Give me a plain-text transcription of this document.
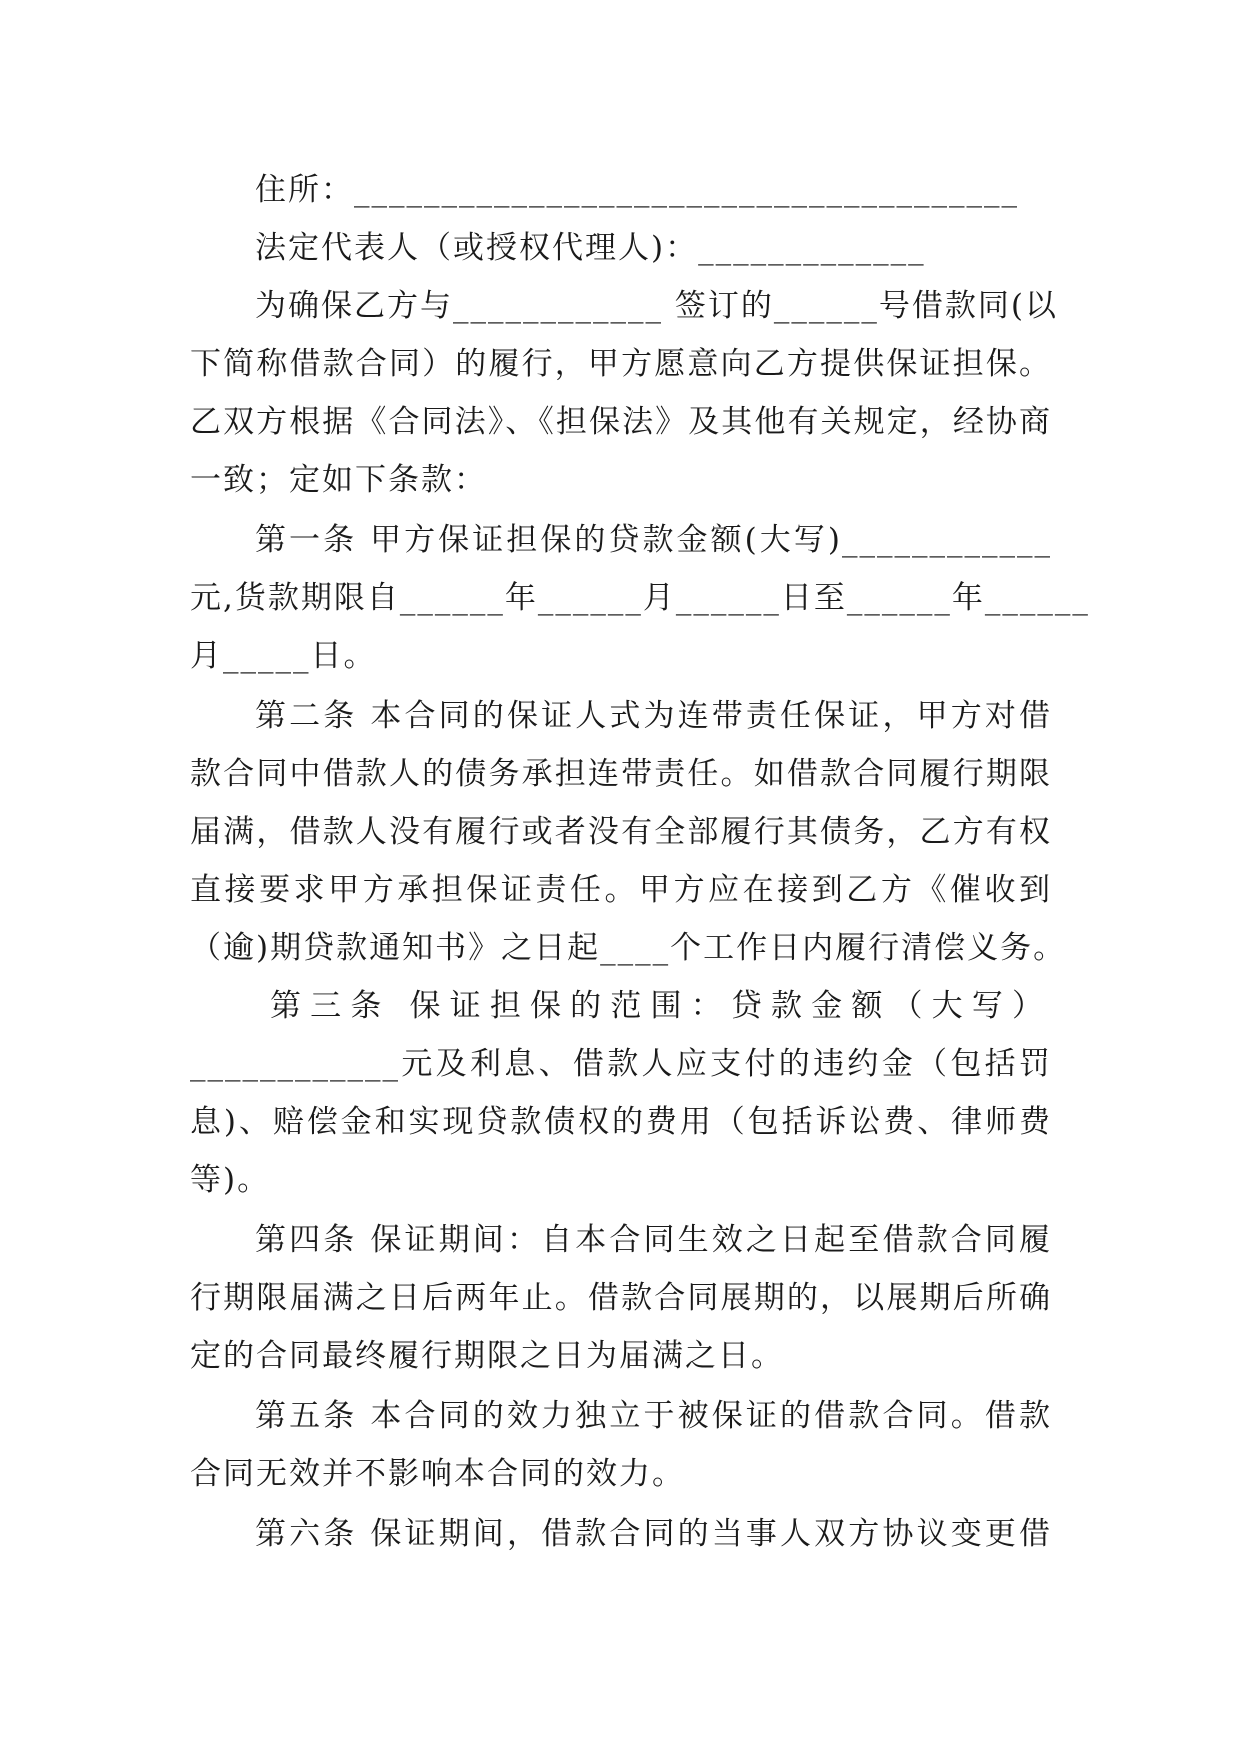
住所：______________________________________
法定代表人（或授权代理人)：_____________
为确保乙方与____________ 签订的______号借款同(以
下简称借款合同）的履行，甲方愿意向乙方提供保证担保。
乙双方根据《合同法》、《担保法》及其他有关规定，经协商
一致；定如下条款：
第一条 甲方保证担保的贷款金额(大写)____________
元,货款期限自______年______月______日至______年______
月_____日。
第二条 本合同的保证人式为连带责任保证，甲方对借
款合同中借款人的债务承担连带责任。如借款合同履行期限
届满，借款人没有履行或者没有全部履行其债务，乙方有权
直接要求甲方承担保证责任。甲方应在接到乙方《催收到
（逾)期贷款通知书》之日起____个工作日内履行清偿义务。
第三条 保证担保的范围：贷款金额（大写）
____________元及利息、借款人应支付的违约金（包括罚
息)、赔偿金和实现贷款债权的费用（包括诉讼费、律师费
等)。
第四条 保证期间：自本合同生效之日起至借款合同履
行期限届满之日后两年止。借款合同展期的，以展期后所确
定的合同最终履行期限之日为届满之日。
第五条 本合同的效力独立于被保证的借款合同。借款
合同无效并不影响本合同的效力。
第六条 保证期间，借款合同的当事人双方协议变更借
